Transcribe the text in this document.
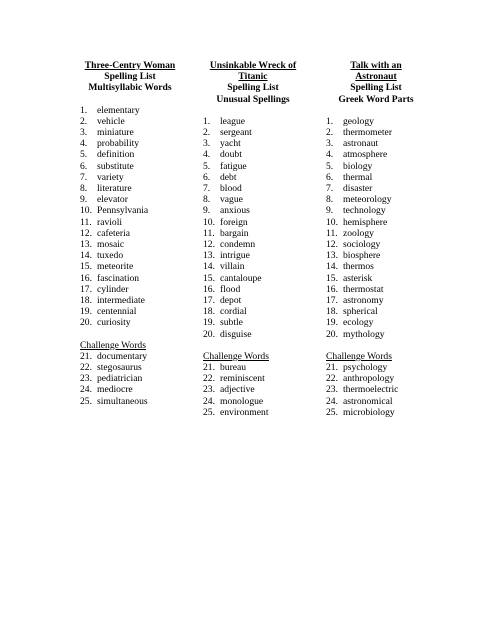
Three-Centry Woman
Spelling List
Multisyllabic Words
1.	elementary
2.	vehicle
3.	miniature
4.	probability
5.	definition
6.	substitute
7.	variety
8.	literature
9.	elevator
10. Pennsylvania
11. ravioli
12. cafeteria
13. mosaic
14. tuxedo
15. meteorite
16. fascination
17. cylinder
18. intermediate
19. centennial
20. curiosity
Challenge Words
21. documentary
22. stegosaurus
23. pediatrician
24. mediocre
25. simultaneous
Unsinkable Wreck of
Titanic
Spelling List
Unusual Spellings
1.	league
2.	sergeant
3.	yacht
4.	doubt
5.	fatigue
6.	debt
7.	blood
8.	vague
9.	anxious
10. foreign
11. bargain
12. condemn
13. intrigue
14. villain
15. cantaloupe
16. flood
17. depot
18. cordial
19. subtle
20. disguise
Challenge Words
21. bureau
22. reminiscent
23. adjective
24. monologue
25. environment
Talk with an
Astronaut
Spelling List
Greek Word Parts
1.	geology
2.	thermometer
3.	astronaut
4.	atmosphere
5.	biology
6.	thermal
7.	disaster
8.	meteorology
9.	technology
10. hemisphere
11. zoology
12. sociology
13. biosphere
14. thermos
15. asterisk
16. thermostat
17. astronomy
18. spherical
19. ecology
20. mythology
Challenge Words
21. psychology
22. anthropology
23. thermoelectric
24. astronomical
25. microbiology
